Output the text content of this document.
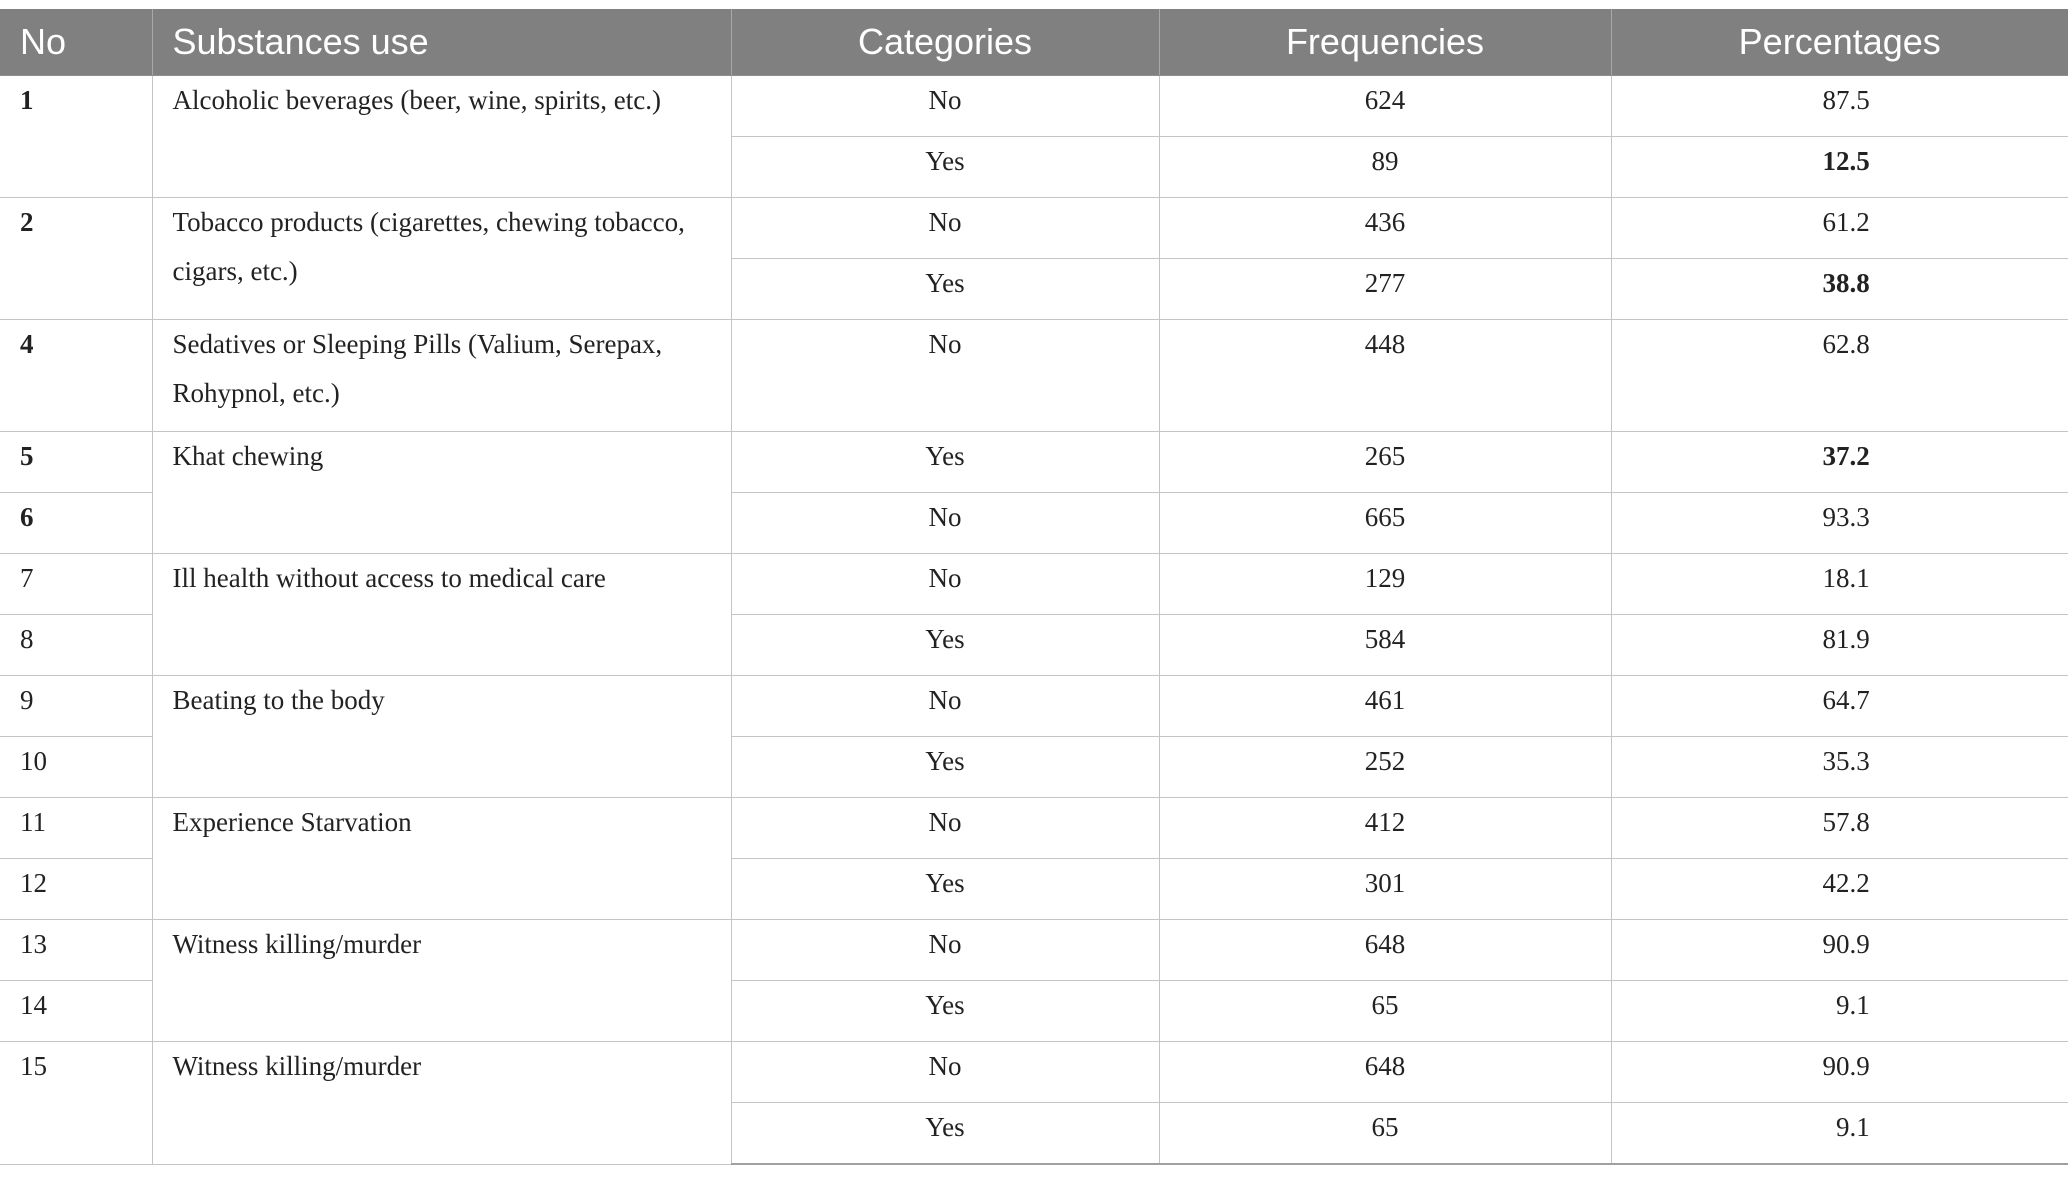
No	Substances use	Categories	Frequencies	Percentages
1	Alcoholic beverages (beer, wine, spirits, etc.)	No	624	87.5
		Yes	89	12.5
2	Tobacco products (cigarettes, chewing tobacco, cigars, etc.)	No	436	61.2
		Yes	277	38.8
4	Sedatives or Sleeping Pills (Valium, Serepax, Rohypnol, etc.)	No	448	62.8
5	Khat chewing	Yes	265	37.2
6		No	665	93.3
7	Ill health without access to medical care	No	129	18.1
8		Yes	584	81.9
9	Beating to the body	No	461	64.7
10		Yes	252	35.3
11	Experience Starvation	No	412	57.8
12		Yes	301	42.2
13	Witness killing/murder	No	648	90.9
14		Yes	65	9.1
15	Witness killing/murder	No	648	90.9
		Yes	65	9.1
